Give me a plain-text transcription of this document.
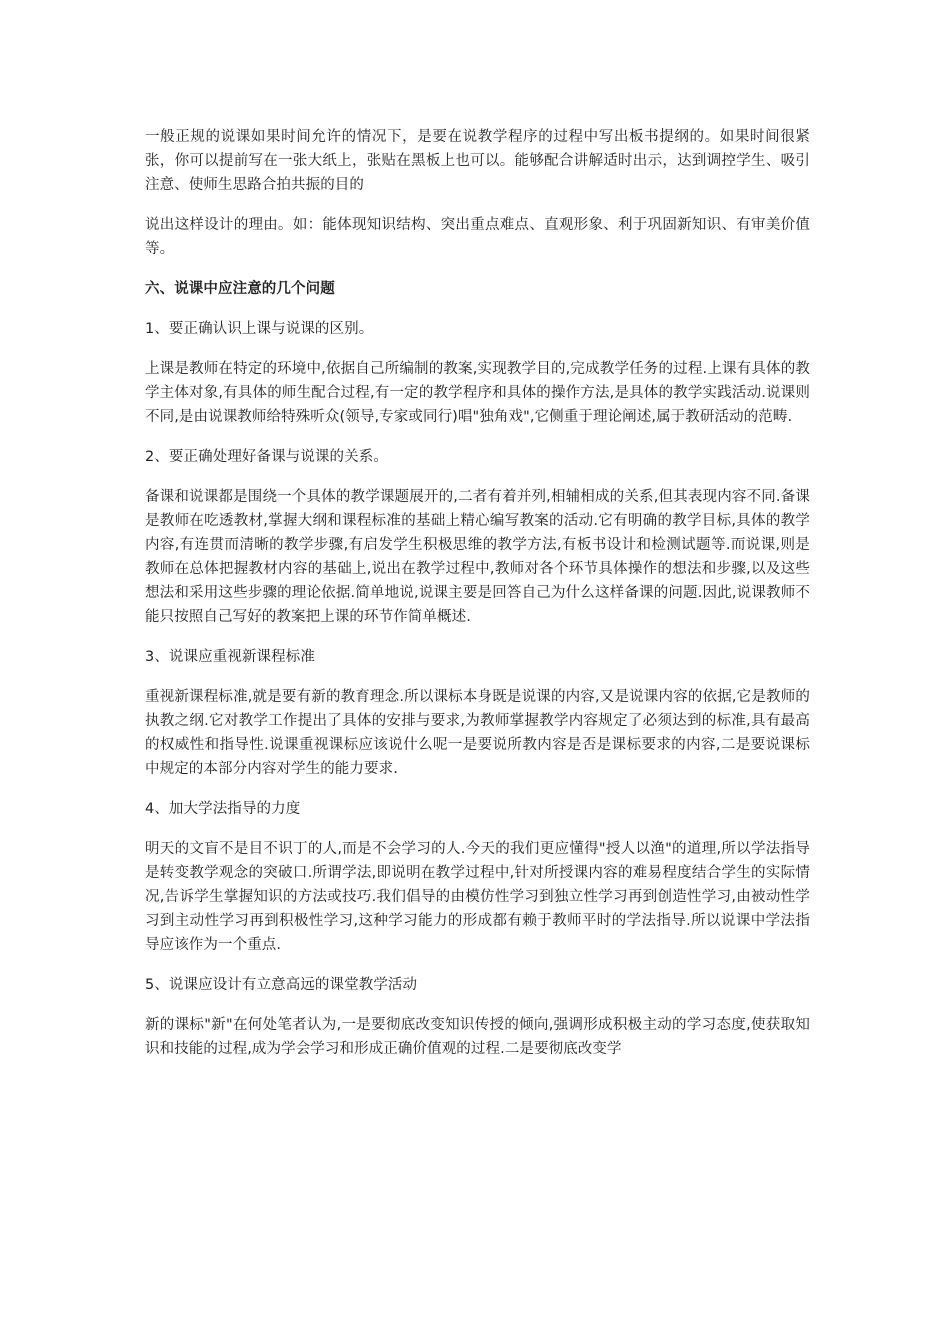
一般正规的说课如果时间允许的情况下，是要在说教学程序的过程中写出板书提纲的。如果时间很紧张，你可以提前写在一张大纸上，张贴在黑板上也可以。能够配合讲解适时出示，达到调控学生、吸引注意、使师生思路合拍共振的目的

说出这样设计的理由。如：能体现知识结构、突出重点难点、直观形象、利于巩固新知识、有审美价值等。

六、说课中应注意的几个问题

1、要正确认识上课与说课的区别。

上课是教师在特定的环境中,依据自己所编制的教案,实现教学目的,完成教学任务的过程.上课有具体的教学主体对象,有具体的师生配合过程,有一定的教学程序和具体的操作方法,是具体的教学实践活动.说课则不同,是由说课教师给特殊听众(领导,专家或同行)唱"独角戏",它侧重于理论阐述,属于教研活动的范畴.

2、要正确处理好备课与说课的关系。

备课和说课都是围绕一个具体的教学课题展开的,二者有着并列,相辅相成的关系,但其表现内容不同.备课是教师在吃透教材,掌握大纲和课程标准的基础上精心编写教案的活动.它有明确的教学目标,具体的教学内容,有连贯而清晰的教学步骤,有启发学生积极思维的教学方法,有板书设计和检测试题等.而说课,则是教师在总体把握教材内容的基础上,说出在教学过程中,教师对各个环节具体操作的想法和步骤,以及这些想法和采用这些步骤的理论依据.简单地说,说课主要是回答自己为什么这样备课的问题.因此,说课教师不能只按照自己写好的教案把上课的环节作简单概述.

3、说课应重视新课程标准

重视新课程标准,就是要有新的教育理念.所以课标本身既是说课的内容,又是说课内容的依据,它是教师的执教之纲.它对教学工作提出了具体的安排与要求,为教师掌握教学内容规定了必须达到的标准,具有最高的权威性和指导性.说课重视课标应该说什么呢一是要说所教内容是否是课标要求的内容,二是要说课标中规定的本部分内容对学生的能力要求.

4、加大学法指导的力度

明天的文盲不是目不识丁的人,而是不会学习的人.今天的我们更应懂得"授人以渔"的道理,所以学法指导是转变教学观念的突破口.所谓学法,即说明在教学过程中,针对所授课内容的难易程度结合学生的实际情况,告诉学生掌握知识的方法或技巧.我们倡导的由模仿性学习到独立性学习再到创造性学习,由被动性学习到主动性学习再到积极性学习,这种学习能力的形成都有赖于教师平时的学法指导.所以说课中学法指导应该作为一个重点.

5、说课应设计有立意高远的课堂教学活动

新的课标"新"在何处笔者认为,一是要彻底改变知识传授的倾向,强调形成积极主动的学习态度,使获取知识和技能的过程,成为学会学习和形成正确价值观的过程.二是要彻底改变学
